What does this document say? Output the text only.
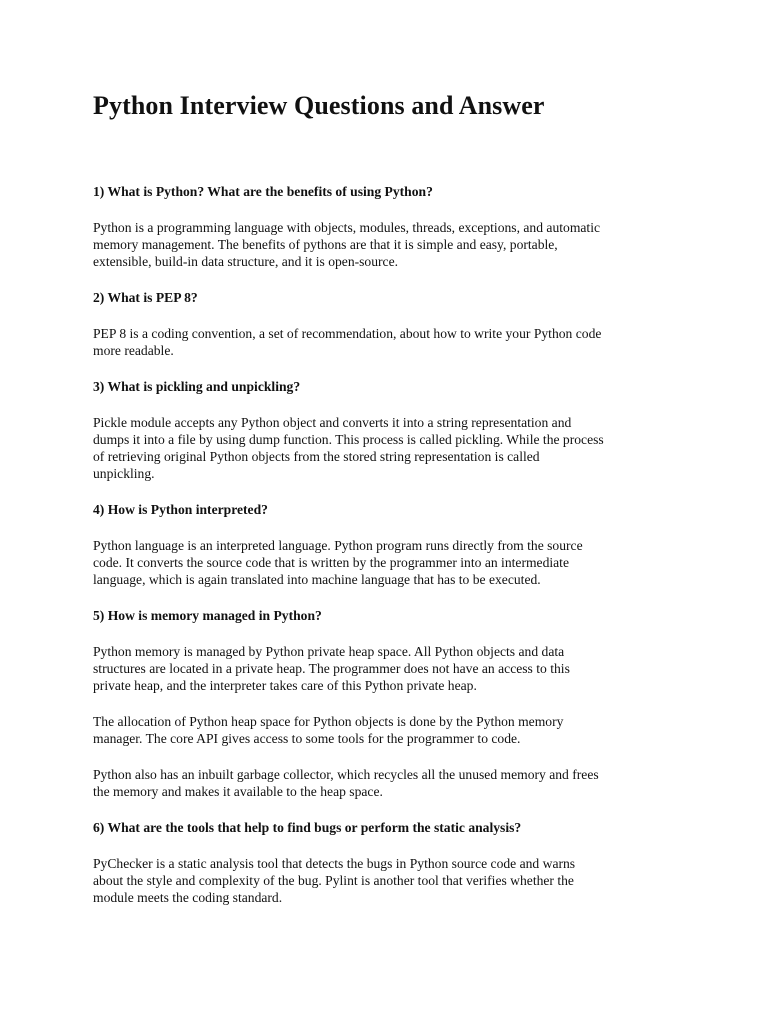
Python Interview Questions and Answer

1) What is Python? What are the benefits of using Python?

Python is a programming language with objects, modules, threads, exceptions, and automatic
memory management. The benefits of pythons are that it is simple and easy, portable,
extensible, build-in data structure, and it is open-source.

2) What is PEP 8?

PEP 8 is a coding convention, a set of recommendation, about how to write your Python code
more readable.

3) What is pickling and unpickling?

Pickle module accepts any Python object and converts it into a string representation and
dumps it into a file by using dump function. This process is called pickling. While the process
of retrieving original Python objects from the stored string representation is called
unpickling.

4) How is Python interpreted?

Python language is an interpreted language. Python program runs directly from the source
code. It converts the source code that is written by the programmer into an intermediate
language, which is again translated into machine language that has to be executed.

5) How is memory managed in Python?

Python memory is managed by Python private heap space. All Python objects and data
structures are located in a private heap. The programmer does not have an access to this
private heap, and the interpreter takes care of this Python private heap.

The allocation of Python heap space for Python objects is done by the Python memory
manager. The core API gives access to some tools for the programmer to code.

Python also has an inbuilt garbage collector, which recycles all the unused memory and frees
the memory and makes it available to the heap space.

6) What are the tools that help to find bugs or perform the static analysis?

PyChecker is a static analysis tool that detects the bugs in Python source code and warns
about the style and complexity of the bug. Pylint is another tool that verifies whether the
module meets the coding standard.
